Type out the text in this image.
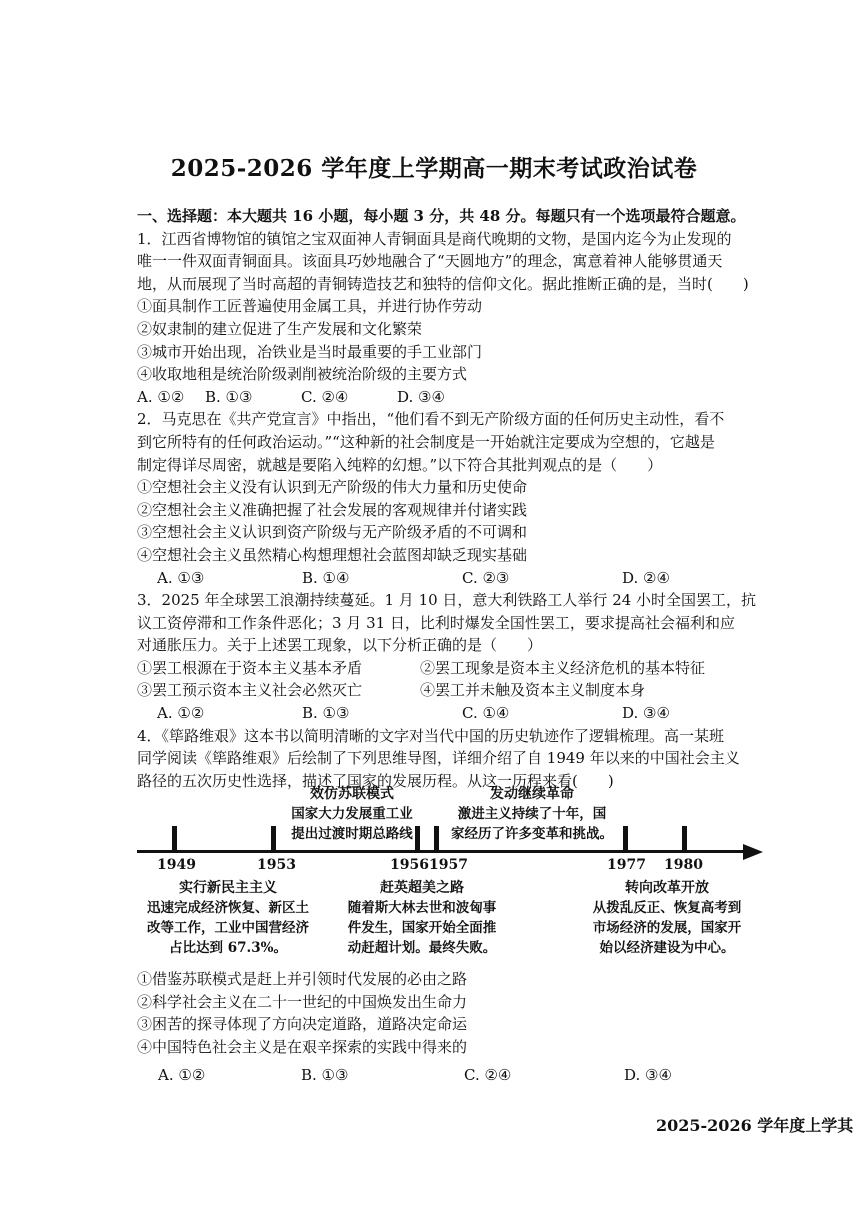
2025-2026 学年度上学期高一期末考试政治试卷

一、选择题：本大题共 16 小题，每小题 3 分，共 48 分。每题只有一个选项最符合题意。

1．江西省博物馆的镇馆之宝双面神人青铜面具是商代晚期的文物，是国内迄今为止发现的

唯一一件双面青铜面具。该面具巧妙地融合了“天圆地方”的理念，寓意着神人能够贯通天

地，从而展现了当时高超的青铜铸造技艺和独特的信仰文化。据此推断正确的是，当时(　　)

①面具制作工匠普遍使用金属工具，并进行协作劳动

②奴隶制的建立促进了生产发展和文化繁荣

③城市开始出现，冶铁业是当时最重要的手工业部门

④收取地租是统治阶级剥削被统治阶级的主要方式

A. ①②	B. ①③	C. ②④	D. ③④

2．马克思在《共产党宣言》中指出，“他们看不到无产阶级方面的任何历史主动性，看不

到它所特有的任何政治运动。”“这种新的社会制度是一开始就注定要成为空想的，它越是

制定得详尽周密，就越是要陷入纯粹的幻想。”以下符合其批判观点的是（　　）

①空想社会主义没有认识到无产阶级的伟大力量和历史使命

②空想社会主义准确把握了社会发展的客观规律并付诸实践

③空想社会主义认识到资产阶级与无产阶级矛盾的不可调和

④空想社会主义虽然精心构想理想社会蓝图却缺乏现实基础

A. ①③	B. ①④	C. ②③	D. ②④

3．2025 年全球罢工浪潮持续蔓延。1 月 10 日，意大利铁路工人举行 24 小时全国罢工，抗

议工资停滞和工作条件恶化；3 月 31 日，比利时爆发全国性罢工，要求提高社会福利和应

对通胀压力。关于上述罢工现象，以下分析正确的是（　　）

①罢工根源在于资本主义基本矛盾	②罢工现象是资本主义经济危机的基本特征
③罢工预示资本主义社会必然灭亡	④罢工并未触及资本主义制度本身
A. ①②	B. ①③	C. ①④	D. ③④

4．《筚路维艰》这本书以简明清晰的文字对当代中国的历史轨迹作了逻辑梳理。高一某班

同学阅读《筚路维艰》后绘制了下列思维导图，详细介绍了自 1949 年以来的中国社会主义

路径的五次历史性选择，描述了国家的发展历程。从这一历程来看(　　)

效仿苏联模式
国家大力发展重工业
提出过渡时期总路线
发动继续革命
激进主义持续了十年，国
家经历了许多变革和挑战。
1949	1953	1956 1957	1977 1980
实行新民主主义
迅速完成经济恢复、新区土
改等工作，工业中国营经济
占比达到 67.3%。
赶英超美之路
随着斯大林去世和波匈事
件发生，国家开始全面推
动赶超计划。最终失败。
转向改革开放
从拨乱反正、恢复高考到
市场经济的发展，国家开
始以经济建设为中心。

①借鉴苏联模式是赶上并引领时代发展的必由之路

②科学社会主义在二十一世纪的中国焕发出生命力

③困苦的探寻体现了方向决定道路，道路决定命运

④中国特色社会主义是在艰辛探索的实践中得来的

A. ①②	B. ①③	C. ②④	D. ③④
2025-2026 学年度上学其
